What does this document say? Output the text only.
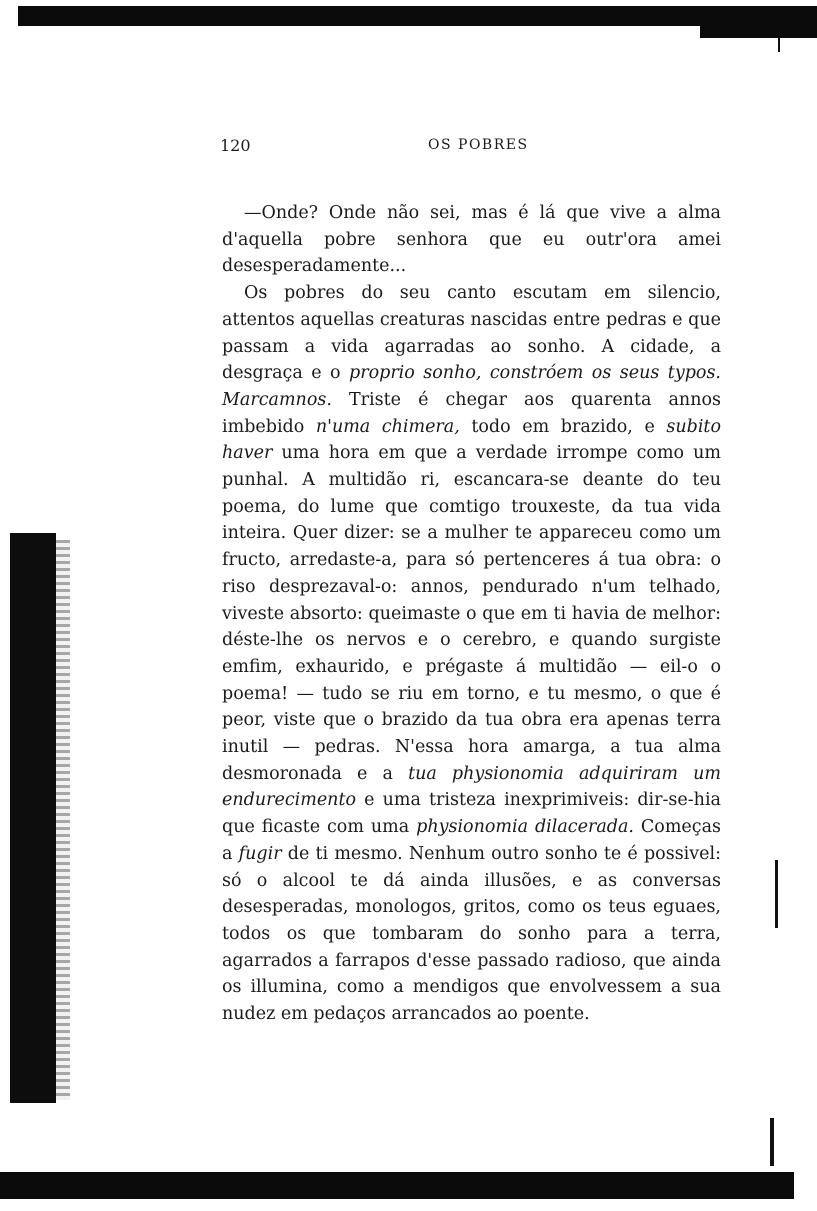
120	OS POBRES

—Onde? Onde não sei, mas é lá que vive a alma d'aquella pobre senhora que eu outr'ora amei desesperadamente...

Os pobres do seu canto escutam em silencio, attentos aquellas creaturas nascidas entre pedras e que passam a vida agarradas ao sonho. A cidade, a desgraça e o proprio sonho, constróem os seus typos. Marcamnos. Triste é chegar aos quarenta annos imbebido n'uma chimera, todo em brazido, e subito haver uma hora em que a verdade irrompe como um punhal. A multidão ri, escancara-se deante do teu poema, do lume que comtigo trouxeste, da tua vida inteira. Quer dizer: se a mulher te appareceu como um fructo, arredaste-a, para só pertenceres á tua obra: o riso desprezaval-o: annos, pendurado n'um telhado, viveste absorto: queimaste o que em ti havia de melhor: déste-lhe os nervos e o cerebro, e quando surgiste emfim, exhaurido, e prégaste á multidão — eil-o o poema! — tudo se riu em torno, e tu mesmo, o que é peor, viste que o brazido da tua obra era apenas terra inutil — pedras. N'essa hora amarga, a tua alma desmoronada e a tua physionomia adquiriram um endurecimento e uma tristeza inexprimiveis: dir-se-hia que ficaste com uma physionomia dilacerada. Começas a fugir de ti mesmo. Nenhum outro sonho te é possivel: só o alcool te dá ainda illusões, e as conversas desesperadas, monologos, gritos, como os teus eguaes, todos os que tombaram do sonho para a terra, agarrados a farrapos d'esse passado radioso, que ainda os illumina, como a mendigos que envolvessem a sua nudez em pedaços arrancados ao poente.
